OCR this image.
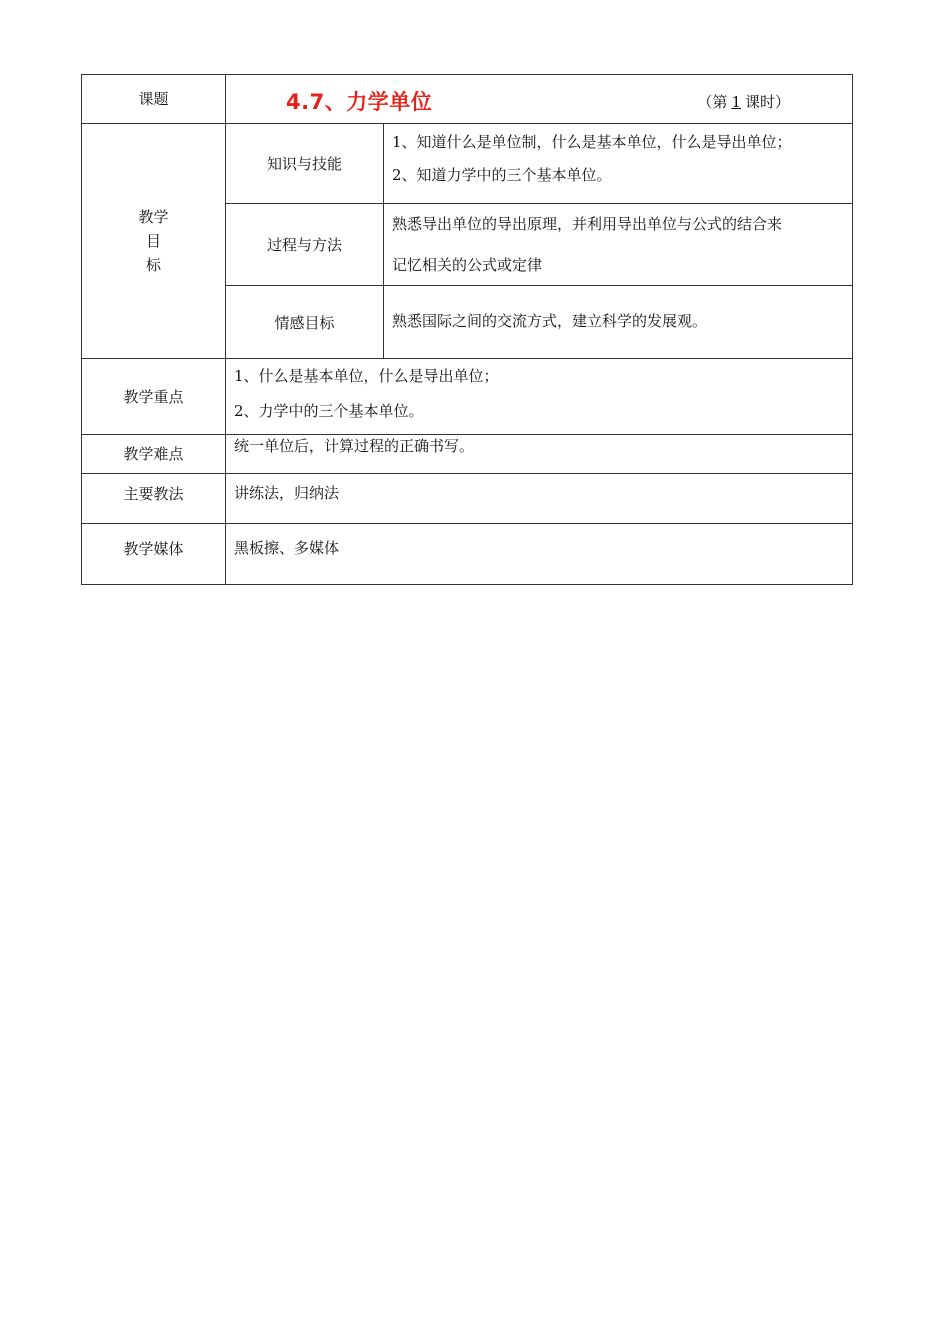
课题	4.7、力学单位 （第 1 课时）	

教学
目
标	知识与技能	1、知道什么是单位制，什么是基本单位，什么是导出单位；
2、知道力学中的三个基本单位。

	过程与方法	熟悉导出单位的导出原理，并利用导出单位与公式的结合来
记忆相关的公式或定律

	情感目标	熟悉国际之间的交流方式，建立科学的发展观。

教学重点	1、什么是基本单位，什么是导出单位；
2、力学中的三个基本单位。	

教学难点	统一单位后，计算过程的正确书写。	
主要教法	讲练法，归纳法	
教学媒体	黑板擦、多媒体	
